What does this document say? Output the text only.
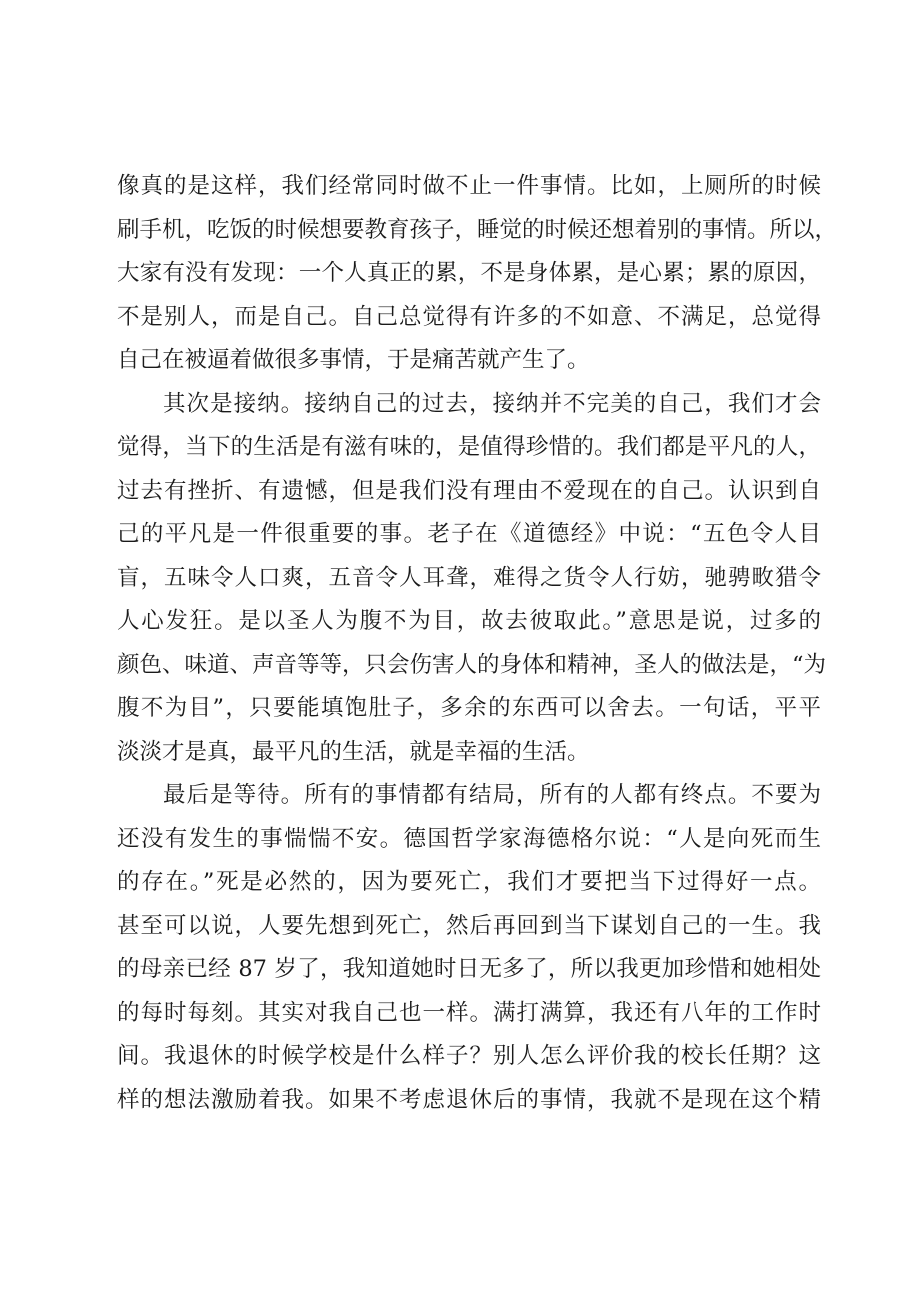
像真的是这样，我们经常同时做不止一件事情。比如，上厕所的时候
刷手机，吃饭的时候想要教育孩子，睡觉的时候还想着别的事情。所以，
大家有没有发现：一个人真正的累，不是身体累，是心累；累的原因，
不是别人，而是自己。自己总觉得有许多的不如意、不满足，总觉得
自己在被逼着做很多事情，于是痛苦就产生了。
其次是接纳。接纳自己的过去，接纳并不完美的自己，我们才会
觉得，当下的生活是有滋有味的，是值得珍惜的。我们都是平凡的人，
过去有挫折、有遗憾，但是我们没有理由不爱现在的自己。认识到自
己的平凡是一件很重要的事。老子在《道德经》中说：“五色令人目
盲，五味令人口爽，五音令人耳聋，难得之货令人行妨，驰骋畋猎令
人心发狂。是以圣人为腹不为目，故去彼取此。”意思是说，过多的
颜色、味道、声音等等，只会伤害人的身体和精神，圣人的做法是，“为
腹不为目”，只要能填饱肚子，多余的东西可以舍去。一句话，平平
淡淡才是真，最平凡的生活，就是幸福的生活。
最后是等待。所有的事情都有结局，所有的人都有终点。不要为
还没有发生的事惴惴不安。德国哲学家海德格尔说：“人是向死而生
的存在。”死是必然的，因为要死亡，我们才要把当下过得好一点。
甚至可以说，人要先想到死亡，然后再回到当下谋划自己的一生。我
的母亲已经 87 岁了，我知道她时日无多了，所以我更加珍惜和她相处
的每时每刻。其实对我自己也一样。满打满算，我还有八年的工作时
间。我退休的时候学校是什么样子？别人怎么评价我的校长任期？这
样的想法激励着我。如果不考虑退休后的事情，我就不是现在这个精
